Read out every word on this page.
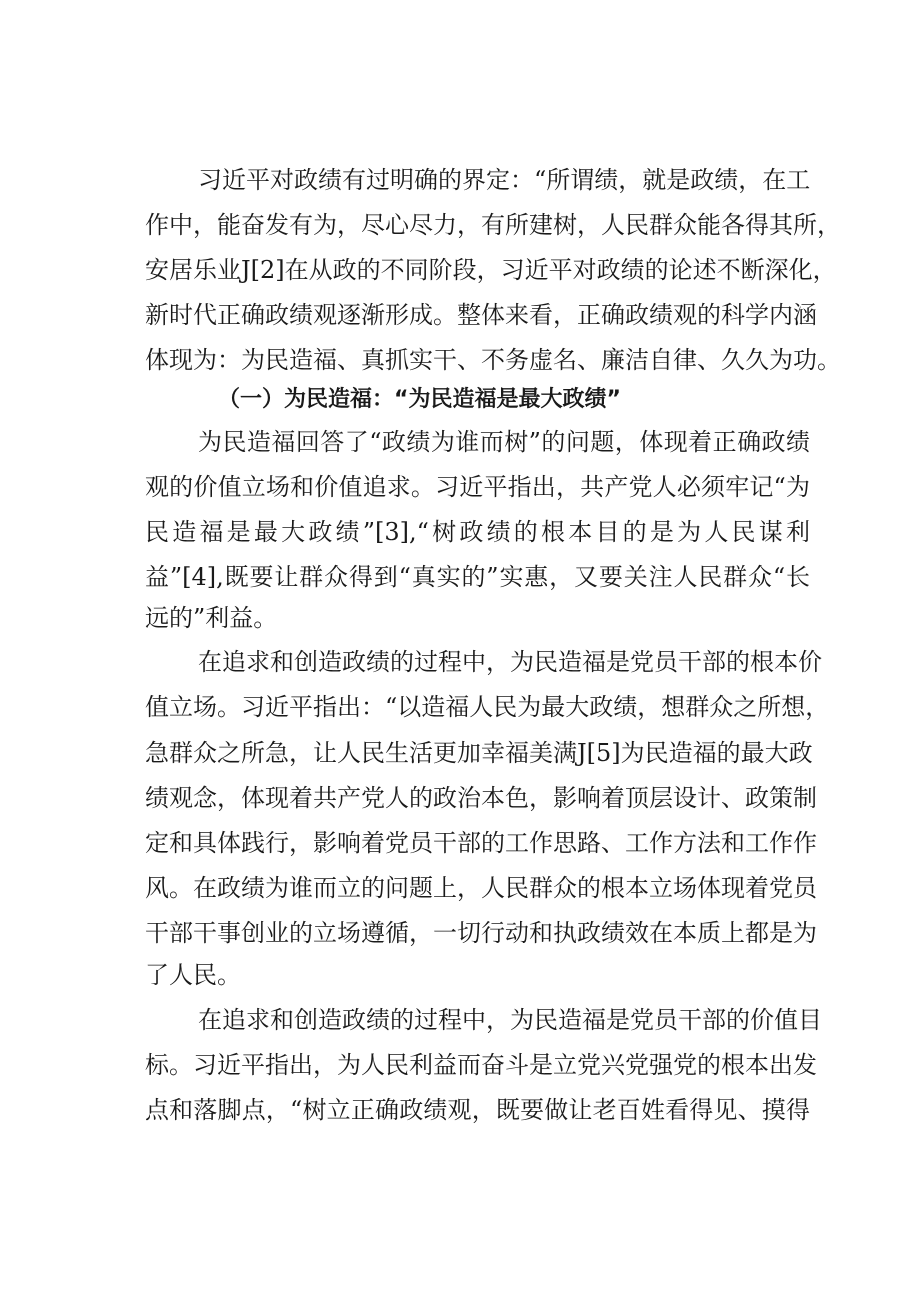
习近平对政绩有过明确的界定：“所谓绩，就是政绩，在工
作中，能奋发有为，尽心尽力，有所建树，人民群众能各得其所，
安居乐业J[2]在从政的不同阶段，习近平对政绩的论述不断深化，
新时代正确政绩观逐渐形成。整体来看，正确政绩观的科学内涵
体现为：为民造福、真抓实干、不务虚名、廉洁自律、久久为功。
（一）为民造福：“为民造福是最大政绩”
为民造福回答了“政绩为谁而树”的问题，体现着正确政绩
观的价值立场和价值追求。习近平指出，共产党人必须牢记“为
民造福是最大政绩”[3],“树政绩的根本目的是为人民谋利
益”[4],既要让群众得到“真实的”实惠，又要关注人民群众“长
远的”利益。
在追求和创造政绩的过程中，为民造福是党员干部的根本价
值立场。习近平指出：“以造福人民为最大政绩，想群众之所想，
急群众之所急，让人民生活更加幸福美满J[5]为民造福的最大政
绩观念，体现着共产党人的政治本色，影响着顶层设计、政策制
定和具体践行，影响着党员干部的工作思路、工作方法和工作作
风。在政绩为谁而立的问题上，人民群众的根本立场体现着党员
干部干事创业的立场遵循，一切行动和执政绩效在本质上都是为
了人民。
在追求和创造政绩的过程中，为民造福是党员干部的价值目
标。习近平指出，为人民利益而奋斗是立党兴党强党的根本出发
点和落脚点，“树立正确政绩观，既要做让老百姓看得见、摸得
